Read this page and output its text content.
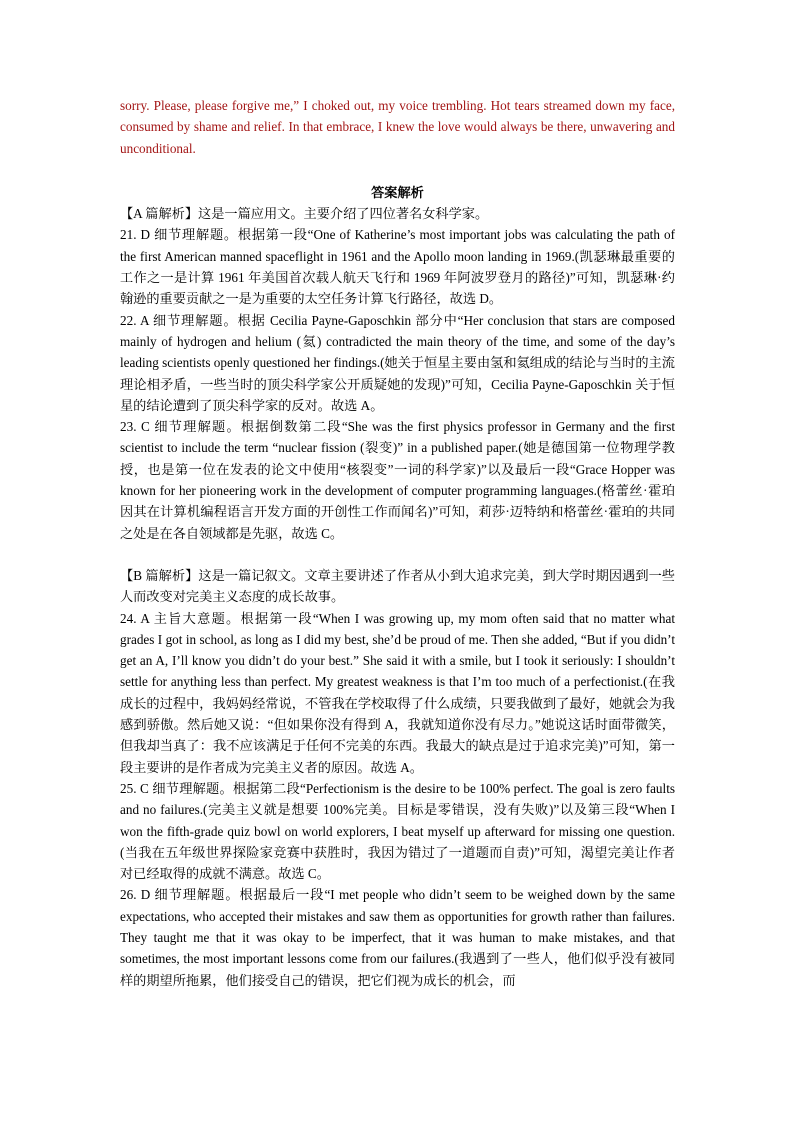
sorry. Please, please forgive me,” I choked out, my voice trembling. Hot tears streamed down my face, consumed by shame and relief. In that embrace, I knew the love would always be there, unwavering and unconditional.

答案解析

【A 篇解析】这是一篇应用文。主要介绍了四位著名女科学家。

21. D 细节理解题。根据第一段“One of Katherine’s most important jobs was calculating the path of the first American manned spaceflight in 1961 and the Apollo moon landing in 1969.(凯瑟琳最重要的工作之一是计算 1961 年美国首次载人航天飞行和 1969 年阿波罗登月的路径)”可知，凯瑟琳·约翰逊的重要贡献之一是为重要的太空任务计算飞行路径，故选 D。

22. A 细节理解题。根据 Cecilia Payne-Gaposchkin 部分中“Her conclusion that stars are composed mainly of hydrogen and helium (氦) contradicted the main theory of the time, and some of the day’s leading scientists openly questioned her findings.(她关于恒星主要由氢和氦组成的结论与当时的主流理论相矛盾，一些当时的顶尖科学家公开质疑她的发现)”可知，Cecilia Payne-Gaposchkin 关于恒星的结论遭到了顶尖科学家的反对。故选 A。

23. C 细节理解题。根据倒数第二段“She was the first physics professor in Germany and the first scientist to include the term “nuclear fission (裂变)” in a published paper.(她是德国第一位物理学教授，也是第一位在发表的论文中使用“核裂变”一词的科学家)”以及最后一段“Grace Hopper was known for her pioneering work in the development of computer programming languages.(格蕾丝·霍珀因其在计算机编程语言开发方面的开创性工作而闻名)”可知，莉莎·迈特纳和格蕾丝·霍珀的共同之处是在各自领域都是先驱，故选 C。

【B 篇解析】这是一篇记叙文。文章主要讲述了作者从小到大追求完美，到大学时期因遇到一些人而改变对完美主义态度的成长故事。

24. A 主旨大意题。根据第一段“When I was growing up, my mom often said that no matter what grades I got in school, as long as I did my best, she’d be proud of me. Then she added, “But if you didn’t get an A, I’ll know you didn’t do your best.” She said it with a smile, but I took it seriously: I shouldn’t settle for anything less than perfect. My greatest weakness is that I’m too much of a perfectionist.(在我成长的过程中，我妈妈经常说，不管我在学校取得了什么成绩，只要我做到了最好，她就会为我感到骄傲。然后她又说：“但如果你没有得到 A，我就知道你没有尽力。”她说这话时面带微笑，但我却当真了：我不应该满足于任何不完美的东西。我最大的缺点是过于追求完美)”可知，第一段主要讲的是作者成为完美主义者的原因。故选 A。

25. C 细节理解题。根据第二段“Perfectionism is the desire to be 100% perfect. The goal is zero faults and no failures.(完美主义就是想要 100%完美。目标是零错误，没有失败)”以及第三段“When I won the fifth-grade quiz bowl on world explorers, I beat myself up afterward for missing one question.(当我在五年级世界探险家竞赛中获胜时，我因为错过了一道题而自责)”可知，渴望完美让作者对已经取得的成就不满意。故选 C。

26. D 细节理解题。根据最后一段“I met people who didn’t seem to be weighed down by the same expectations, who accepted their mistakes and saw them as opportunities for growth rather than failures. They taught me that it was okay to be imperfect, that it was human to make mistakes, and that sometimes, the most important lessons come from our failures.(我遇到了一些人，他们似乎没有被同样的期望所拖累，他们接受自己的错误，把它们视为成长的机会，而
